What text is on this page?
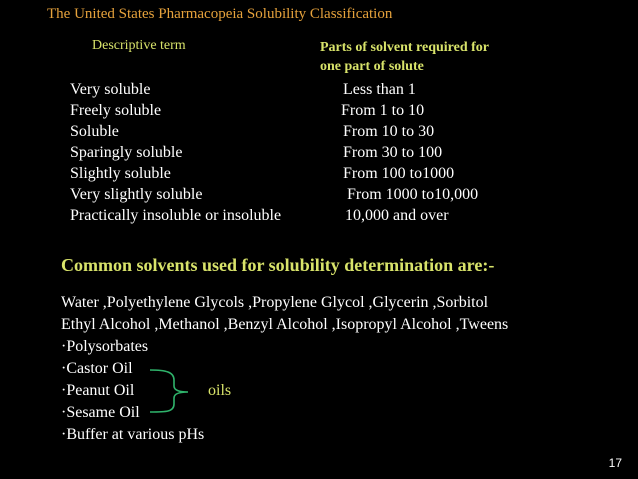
The United States Pharmacopeia Solubility Classification
Descriptive term	Parts of solvent required for
one part of solute
Very soluble	Less than 1
Freely soluble	From 1 to 10
Soluble	From 10 to 30
Sparingly soluble	From 30 to 100
Slightly soluble	From 100 to1000
Very slightly soluble	From 1000 to10,000
Practically insoluble or insoluble	10,000 and over
Common solvents used for solubility determination are:-
Water ,Polyethylene Glycols ,Propylene Glycol ,Glycerin ,Sorbitol
Ethyl Alcohol ,Methanol ,Benzyl Alcohol ,Isopropyl Alcohol ,Tweens
·Polysorbates
·Castor Oil
·Peanut Oil
·Sesame Oil
·Buffer at various pHs
oils
17
